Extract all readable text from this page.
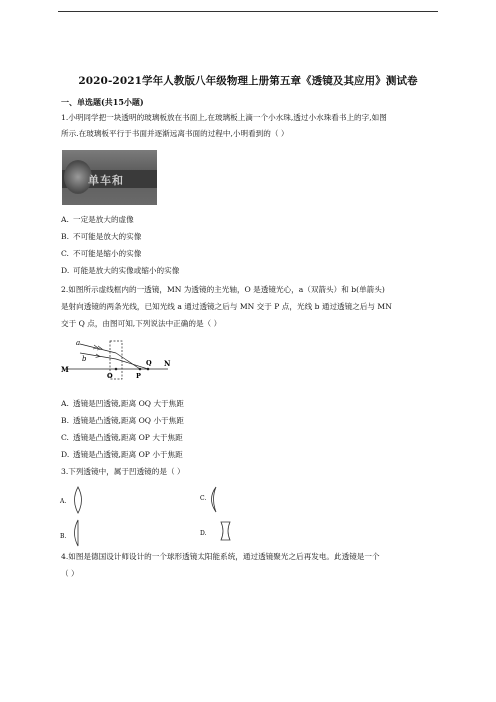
2020-2021学年人教版八年级物理上册第五章《透镜及其应用》测试卷
一、单选题(共15小题)
1.小明同学把一块透明的玻璃板放在书面上,在玻璃板上滴一个小水珠,透过小水珠看书上的字,如图
所示.在玻璃板平行于书面并逐渐远离书面的过程中,小明看到的（ ）
单车和
A. 一定是放大的虚像
B. 不可能是放大的实像
C. 不可能是缩小的实像
D. 可能是放大的实像或缩小的实像
2.如图所示虚线框内的一透镜，MN 为透镜的主光轴，O 是透镜光心，a（双箭头）和 b(单箭头)
是射向透镜的两条光线，已知光线 a 通过透镜之后与 MN 交于 P 点，光线 b 通过透镜之后与 MN
交于 Q 点，由图可知,下列说法中正确的是（ ）
a
b
M
N
O	P
Q
A. 透镜是凹透镜,距离 OQ 大于焦距
B. 透镜是凸透镜,距离 OQ 小于焦距
C. 透镜是凸透镜,距离 OP 大于焦距
D. 透镜是凸透镜,距离 OP 小于焦距
3.下列透镜中，属于凹透镜的是（ ）
A.
B.
C.
D.
4.如图是德国设计师设计的一个球形透镜太阳能系统，通过透镜聚光之后再发电。此透镜是一个
（ ）
